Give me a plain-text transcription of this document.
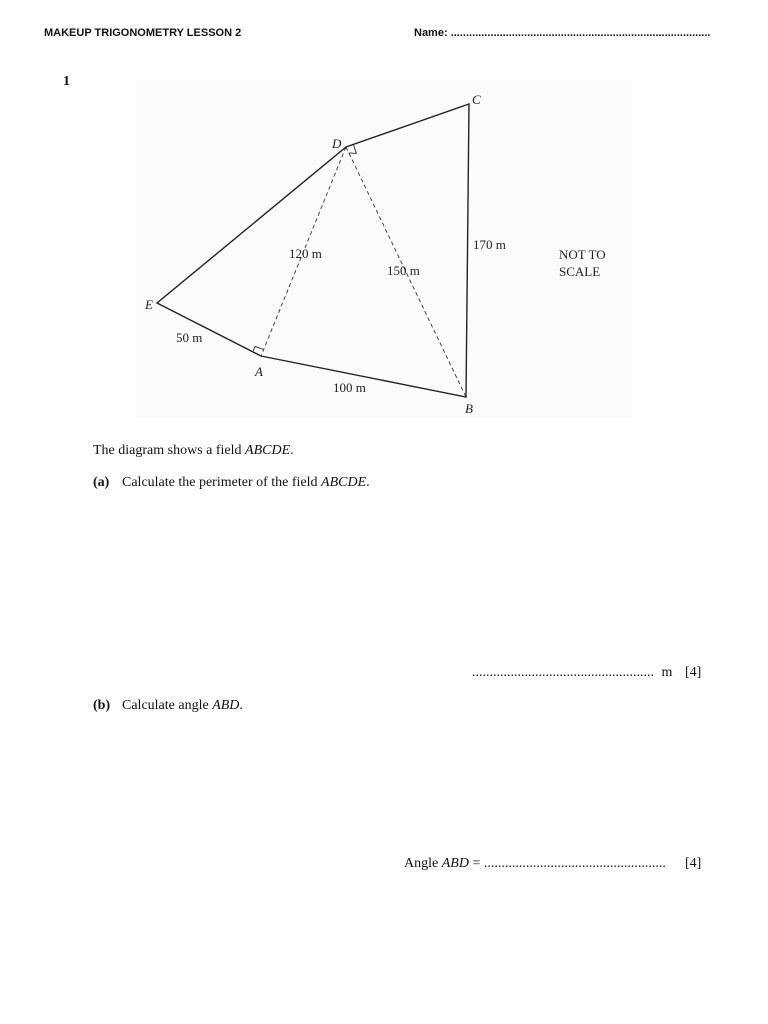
MAKEUP TRIGONOMETRY LESSON 2	Name: .....................................................................................
1
C
D
E
A
B
170 m
120 m
150 m
50 m
100 m
NOT TO
SCALE
The diagram shows a field ABCDE.
(a) Calculate the perimeter of the field ABCDE.
.................................................... m [4]
(b) Calculate angle ABD.
Angle ABD = .................................................... [4]
